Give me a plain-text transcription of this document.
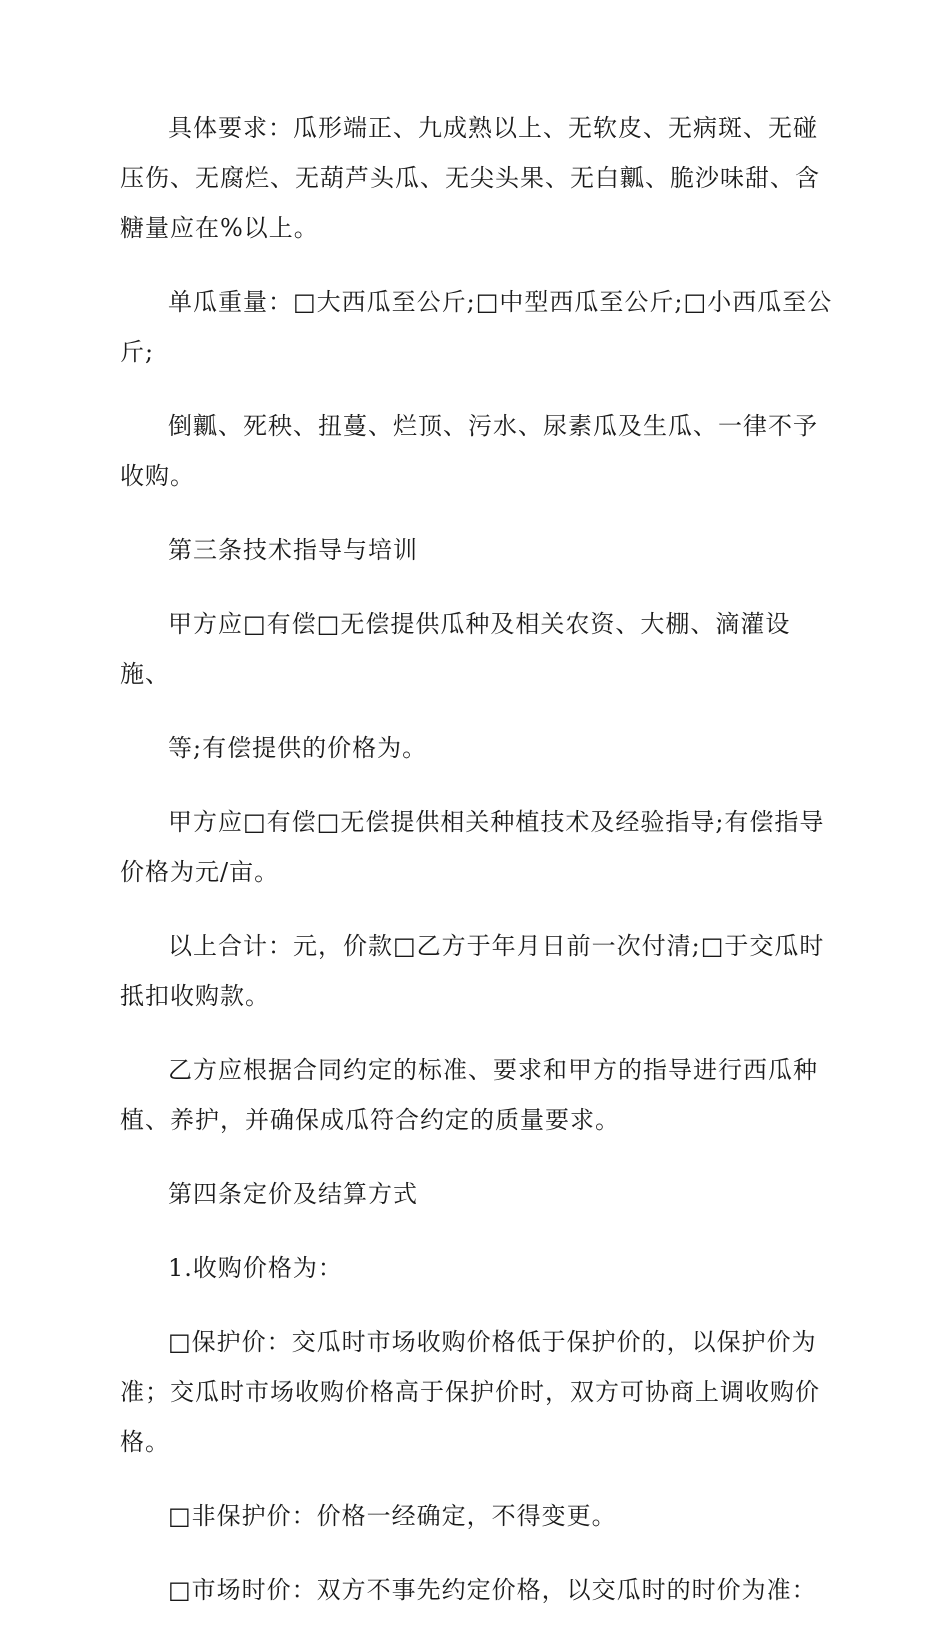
具体要求：瓜形端正、九成熟以上、无软皮、无病斑、无碰压伤、无腐烂、无葫芦头瓜、无尖头果、无白瓤、脆沙味甜、含糖量应在%以上。

单瓜重量：□大西瓜至公斤;□中型西瓜至公斤;□小西瓜至公斤;

倒瓤、死秧、扭蔓、烂顶、污水、尿素瓜及生瓜、一律不予收购。

第三条技术指导与培训

甲方应□有偿□无偿提供瓜种及相关农资、大棚、滴灌设施、

等;有偿提供的价格为。

甲方应□有偿□无偿提供相关种植技术及经验指导;有偿指导价格为元/亩。

以上合计：元，价款□乙方于年月日前一次付清;□于交瓜时抵扣收购款。

乙方应根据合同约定的标准、要求和甲方的指导进行西瓜种植、养护，并确保成瓜符合约定的质量要求。

第四条定价及结算方式

1.收购价格为：

□保护价：交瓜时市场收购价格低于保护价的，以保护价为准；交瓜时市场收购价格高于保护价时，双方可协商上调收购价格。

□非保护价：价格一经确定，不得变更。

□市场时价：双方不事先约定价格，以交瓜时的时价为准：
